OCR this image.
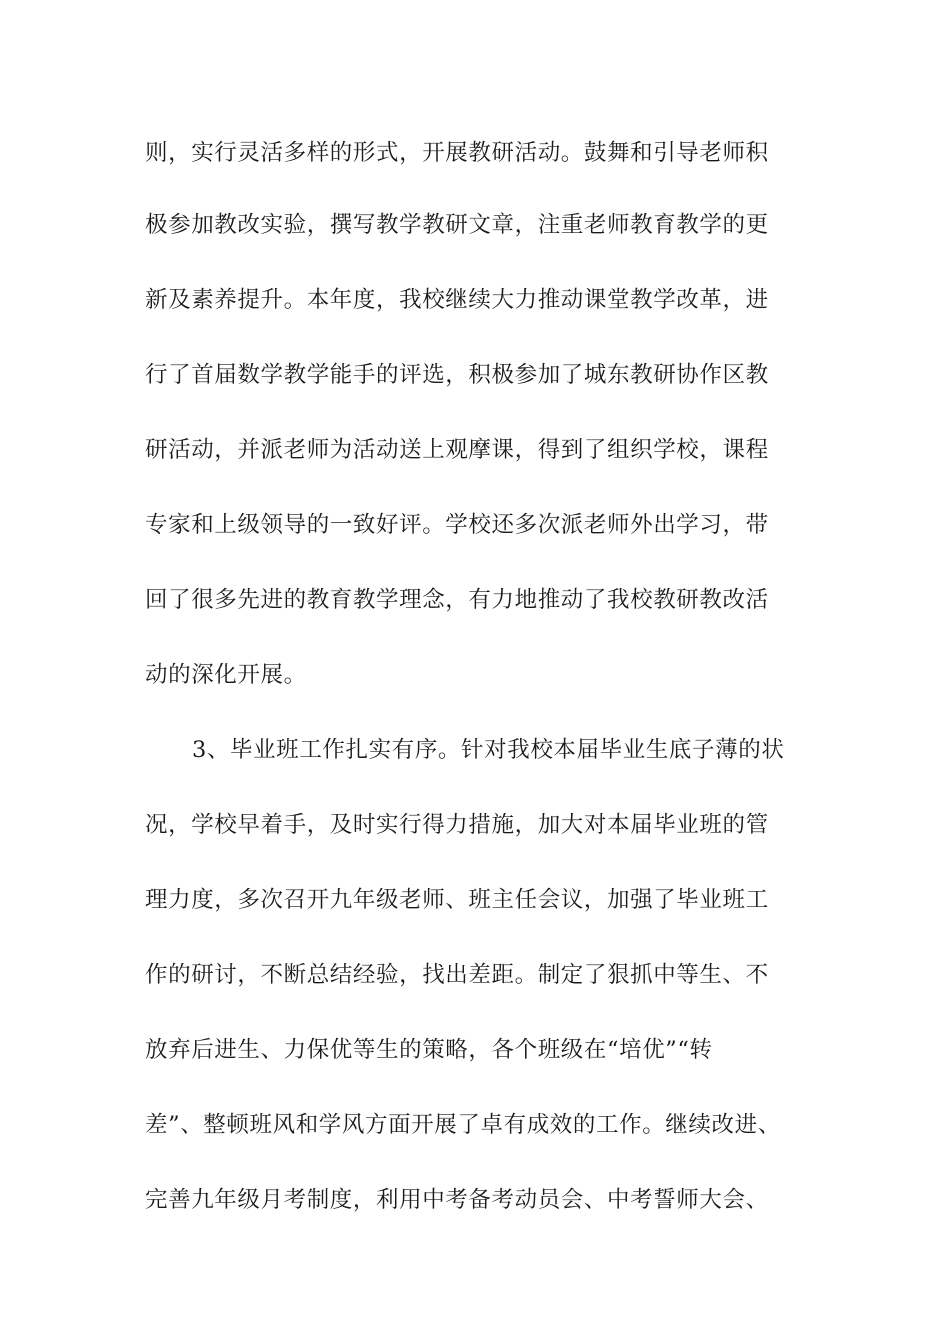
则，实行灵活多样的形式，开展教研活动。鼓舞和引导老师积
极参加教改实验，撰写教学教研文章，注重老师教育教学的更
新及素养提升。本年度，我校继续大力推动课堂教学改革，进
行了首届数学教学能手的评选，积极参加了城东教研协作区教
研活动，并派老师为活动送上观摩课，得到了组织学校，课程
专家和上级领导的一致好评。学校还多次派老师外出学习，带
回了很多先进的教育教学理念，有力地推动了我校教研教改活
动的深化开展。
3、毕业班工作扎实有序。针对我校本届毕业生底子薄的状
况，学校早着手，及时实行得力措施，加大对本届毕业班的管
理力度，多次召开九年级老师、班主任会议，加强了毕业班工
作的研讨，不断总结经验，找出差距。制定了狠抓中等生、不
放弃后进生、力保优等生的策略，各个班级在“培优”“转
差”、整顿班风和学风方面开展了卓有成效的工作。继续改进、
完善九年级月考制度，利用中考备考动员会、中考誓师大会、
